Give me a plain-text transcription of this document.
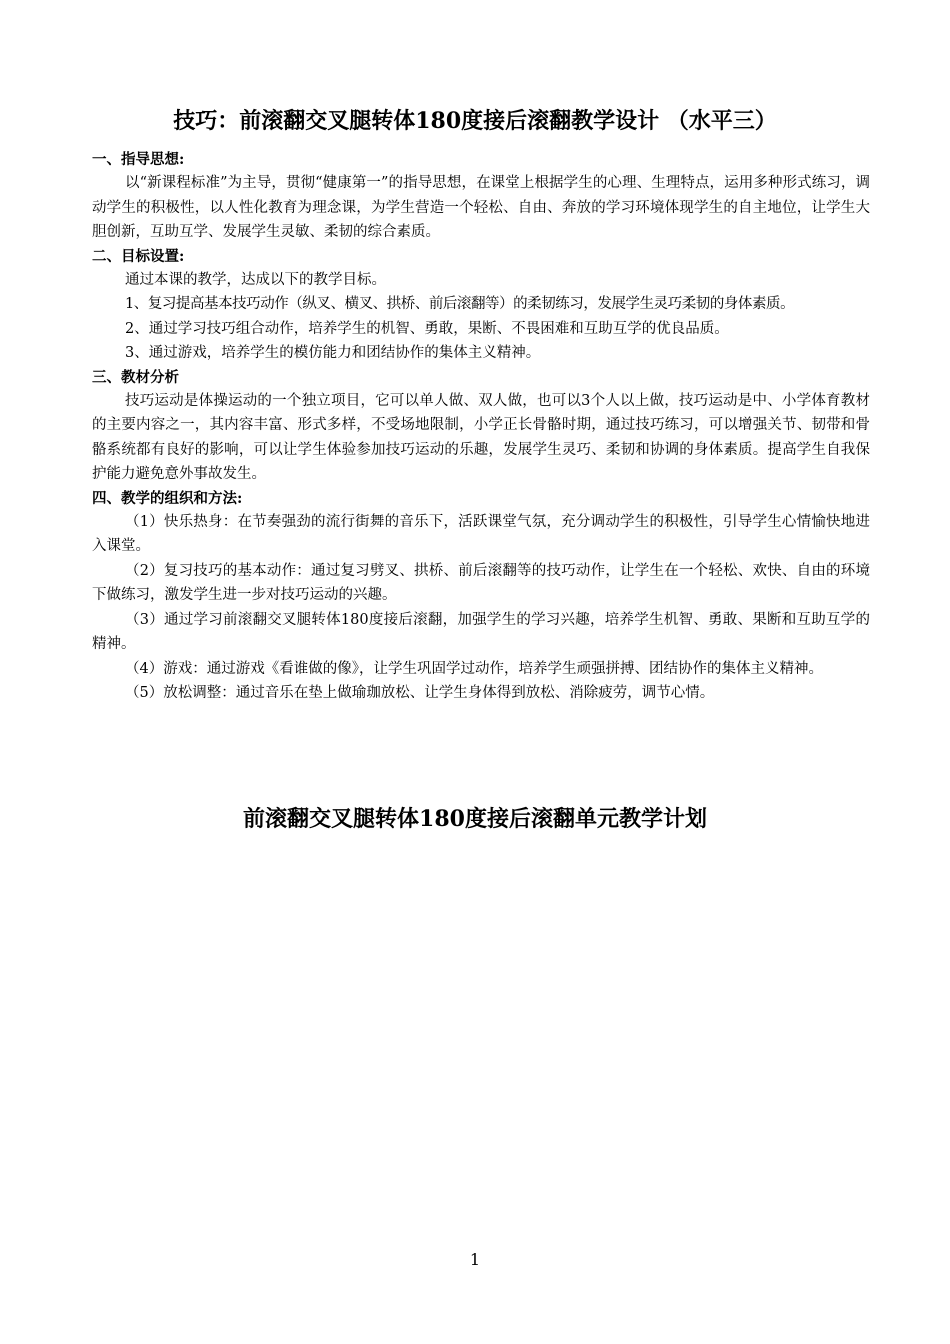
技巧：前滚翻交叉腿转体180度接后滚翻教学设计 （水平三）

一、指导思想:

以“新课程标准”为主导，贯彻“健康第一”的指导思想，在课堂上根据学生的心理、生理特点，运用多种形式练习，调动学生的积极性，以人性化教育为理念课，为学生营造一个轻松、自由、奔放的学习环境体现学生的自主地位，让学生大胆创新，互助互学、发展学生灵敏、柔韧的综合素质。

二、目标设置:

通过本课的教学，达成以下的教学目标。

1、复习提高基本技巧动作（纵叉、横叉、拱桥、前后滚翻等）的柔韧练习，发展学生灵巧柔韧的身体素质。

2、通过学习技巧组合动作，培养学生的机智、勇敢，果断、不畏困难和互助互学的优良品质。

3、通过游戏，培养学生的模仿能力和团结协作的集体主义精神。

三、教材分析

技巧运动是体操运动的一个独立项目，它可以单人做、双人做，也可以3个人以上做，技巧运动是中、小学体育教材的主要内容之一，其内容丰富、形式多样，不受场地限制，小学正长骨骼时期，通过技巧练习，可以增强关节、韧带和骨骼系统都有良好的影响，可以让学生体验参加技巧运动的乐趣，发展学生灵巧、柔韧和协调的身体素质。提高学生自我保护能力避免意外事故发生。

四、教学的组织和方法:

（1）快乐热身：在节奏强劲的流行街舞的音乐下，活跃课堂气氛，充分调动学生的积极性，引导学生心情愉快地进入课堂。

（2）复习技巧的基本动作：通过复习劈叉、拱桥、前后滚翻等的技巧动作，让学生在一个轻松、欢快、自由的环境下做练习，激发学生进一步对技巧运动的兴趣。

（3）通过学习前滚翻交叉腿转体180度接后滚翻，加强学生的学习兴趣，培养学生机智、勇敢、果断和互助互学的精神。

（4）游戏：通过游戏《看谁做的像》，让学生巩固学过动作，培养学生顽强拼搏、团结协作的集体主义精神。

（5）放松调整：通过音乐在垫上做瑜珈放松、让学生身体得到放松、消除疲劳，调节心情。

前滚翻交叉腿转体180度接后滚翻单元教学计划
1
